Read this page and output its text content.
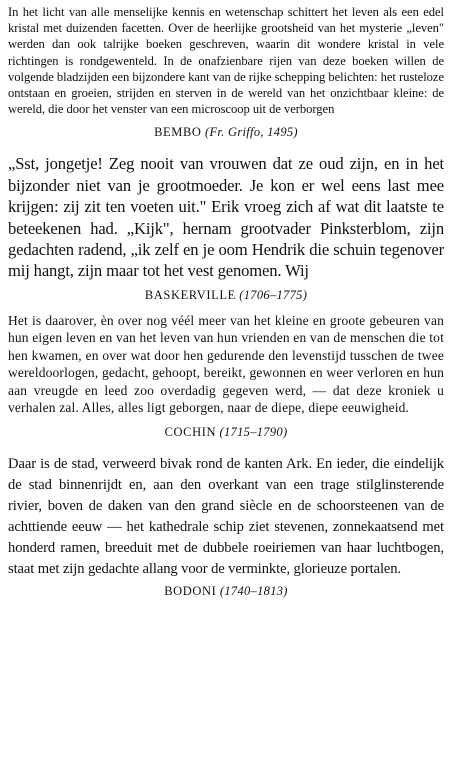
In het licht van alle menselijke kennis en wetenschap schittert het leven als een edel kristal met duizenden facetten. Over de heerlijke grootsheid van het mysterie „leven" werden dan ook talrijke boeken geschreven, waarin dit wondere kristal in vele richtingen is rondgewenteld. In de onafzienbare rijen van deze boeken willen de volgende bladzijden een bijzondere kant van de rijke schepping belichten: het rusteloze ontstaan en groeien, strijden en sterven in de wereld van het onzichtbaar kleine: de wereld, die door het venster van een microscoop uit de verborgen

BEMBO (Fr. Griffo, 1495)

„Sst, jongetje! Zeg nooit van vrouwen dat ze oud zijn, en in het bijzonder niet van je grootmoeder. Je kon er wel eens last mee krijgen: zij zit ten voeten uit." Erik vroeg zich af wat dit laatste te beteekenen had. „Kijk", hernam grootvader Pinksterblom, zijn gedachten radend, „ik zelf en je oom Hendrik die schuin tegenover mij hangt, zijn maar tot het vest genomen. Wij

BASKERVILLE (1706–1775)

Het is daarover, èn over nog véél meer van het kleine en groote gebeuren van hun eigen leven en van het leven van hun vrienden en van de menschen die tot hen kwamen, en over wat door hen gedurende den levenstijd tusschen de twee wereldoorlogen, gedacht, gehoopt, bereikt, gewonnen en weer verloren en hun aan vreugde en leed zoo overdadig gegeven werd, — dat deze kroniek u verhalen zal. Alles, alles ligt geborgen, naar de diepe, diepe eeuwigheid.

COCHIN (1715–1790)

Daar is de stad, verweerd bivak rond de kanten Ark. En ieder, die eindelijk de stad binnenrijdt en, aan den overkant van een trage stilglinsterende rivier, boven de daken van den grand siècle en de schoorsteenen van de achttiende eeuw — het kathedrale schip ziet stevenen, zonnekaatsend met honderd ramen, breeduit met de dubbele roeiriemen van haar luchtbogen, staat met zijn gedachte allang voor de verminkte, glorieuze portalen.

BODONI (1740–1813)
